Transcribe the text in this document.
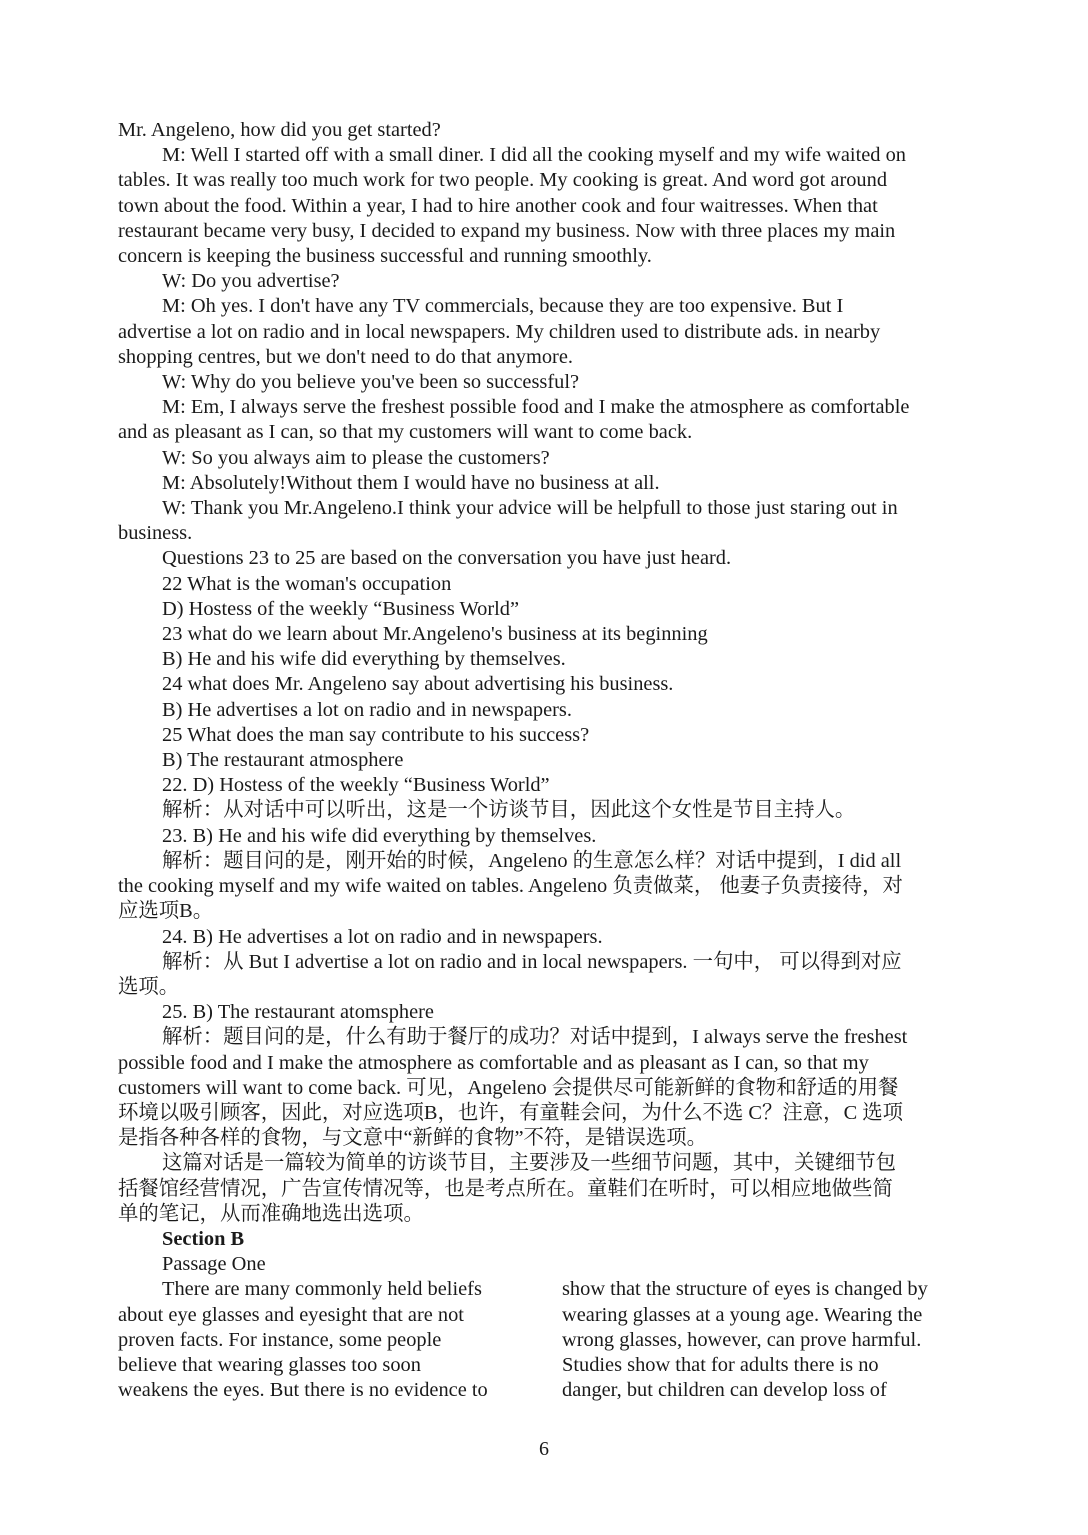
Mr. Angeleno, how did you get started?

M: Well I started off with a small diner. I did all the cooking myself and my wife waited on

tables. It was really too much work for two people. My cooking is great. And word got around

town about the food. Within a year, I had to hire another cook and four waitresses. When that

restaurant became very busy, I decided to expand my business. Now with three places my main

concern is keeping the business successful and running smoothly.

W: Do you advertise?

M: Oh yes. I don't have any TV commercials, because they are too expensive. But I

advertise a lot on radio and in local newspapers. My children used to distribute ads. in nearby

shopping centres, but we don't need to do that anymore.

W: Why do you believe you've been so successful?

M: Em, I always serve the freshest possible food and I make the atmosphere as comfortable

and as pleasant as I can, so that my customers will want to come back.

W: So you always aim to please the customers?

M: Absolutely!Without them I would have no business at all.

W: Thank you Mr.Angeleno.I think your advice will be helpfull to those just staring out in

business.

Questions 23 to 25 are based on the conversation you have just heard.

22 What is the woman's occupation

D) Hostess of the weekly “Business World”

23 what do we learn about Mr.Angeleno's business at its beginning

B) He and his wife did everything by themselves.

24 what does Mr. Angeleno say about advertising his business.

B) He advertises a lot on radio and in newspapers.

25 What does the man say contribute to his success?

B) The restaurant atmosphere

22. D) Hostess of the weekly “Business World”

解析：从对话中可以听出，这是一个访谈节目，因此这个女性是节目主持人。

23. B) He and his wife did everything by themselves.

解析：题目问的是，刚开始的时候，Angeleno 的生意怎么样？对话中提到，I did all

the cooking myself and my wife waited on tables. Angeleno 负责做菜， 他妻子负责接待，对

应选项B。

24. B) He advertises a lot on radio and in newspapers.

解析：从 But I advertise a lot on radio and in local newspapers. 一句中， 可以得到对应

选项。

25. B) The restaurant atomsphere

解析：题目问的是，什么有助于餐厅的成功？对话中提到，I always serve the freshest

possible food and I make the atmosphere as comfortable and as pleasant as I can, so that my

customers will want to come back. 可见，Angeleno 会提供尽可能新鲜的食物和舒适的用餐

环境以吸引顾客，因此，对应选项B，也许，有童鞋会问，为什么不选 C？注意，C 选项

是指各种各样的食物，与文意中“新鲜的食物”不符，是错误选项。

这篇对话是一篇较为简单的访谈节目，主要涉及一些细节问题，其中，关键细节包

括餐馆经营情况，广告宣传情况等，也是考点所在。童鞋们在听时，可以相应地做些简

单的笔记，从而准确地选出选项。

Section B

Passage One

There are many commonly held beliefs

about eye glasses and eyesight that are not

proven facts. For instance, some people

believe that wearing glasses too soon

weakens the eyes. But there is no evidence to

show that the structure of eyes is changed by

wearing glasses at a young age. Wearing the

wrong glasses, however, can prove harmful.

Studies show that for adults there is no

danger, but children can develop loss of

6
